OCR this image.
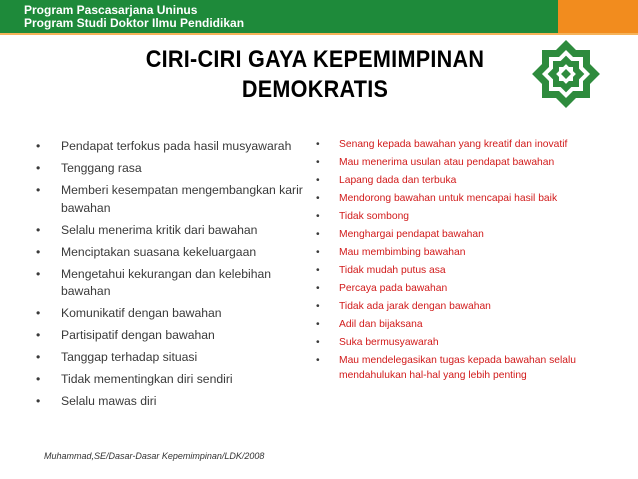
Program Pascasarjana Uninus
Program Studi Doktor Ilmu Pendidikan
CIRI-CIRI GAYA KEPEMIMPINAN
DEMOKRATIS
• Pendapat terfokus pada hasil musyawarah
• Tenggang rasa
• Memberi kesempatan mengembangkan karir bawahan
• Selalu menerima kritik dari bawahan
• Menciptakan suasana kekeluargaan
• Mengetahui kekurangan dan kelebihan bawahan
• Komunikatif dengan bawahan
• Partisipatif dengan bawahan
• Tanggap terhadap situasi
• Tidak mementingkan diri sendiri
• Selalu mawas diri
• Senang kepada bawahan yang kreatif dan inovatif
• Mau menerima usulan atau pendapat bawahan
• Lapang dada dan terbuka
• Mendorong bawahan untuk mencapai hasil baik
• Tidak sombong
• Menghargai pendapat bawahan
• Mau membimbing bawahan
• Tidak mudah putus asa
• Percaya pada bawahan
• Tidak ada jarak dengan bawahan
• Adil dan bijaksana
• Suka bermusyawarah
• Mau mendelegasikan tugas kepada bawahan selalu mendahulukan hal-hal yang lebih penting
Muhammad,SE/Dasar-Dasar Kepemimpinan/LDK/2008
